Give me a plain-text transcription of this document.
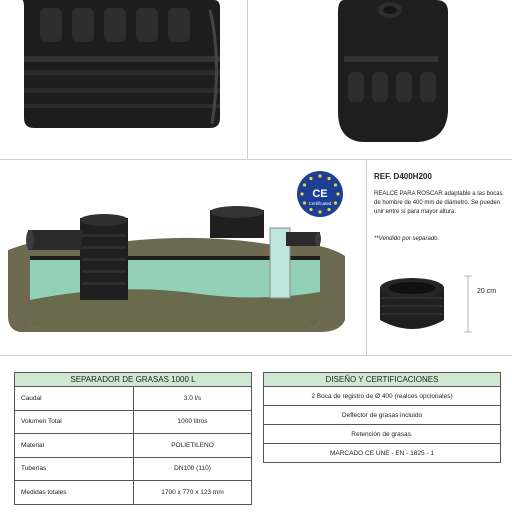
CE
Certificated
REF. D400H200
REALCE PARA ROSCAR adaptable a las bocas de hombre de 400 mm de diámetro. Se pueden unir entre sí para mayor altura.
**Vendido por separado.
20 cm
SEPARADOR DE GRASAS 1000 L	
Caudal	3.0 l/s
Volumen Total	1000 litros
Material	POLIETILENO
Tuberías	DN100 (110)
Medidas totales	1700 x 770 x 123 mm
DISEÑO Y CERTIFICACIONES
2 Boca de registro de Ø 400 (realces opcionales)
Deflector de grasas incluido
Retención de grasas.
MARCADO CE UNE - EN - 1825 - 1
